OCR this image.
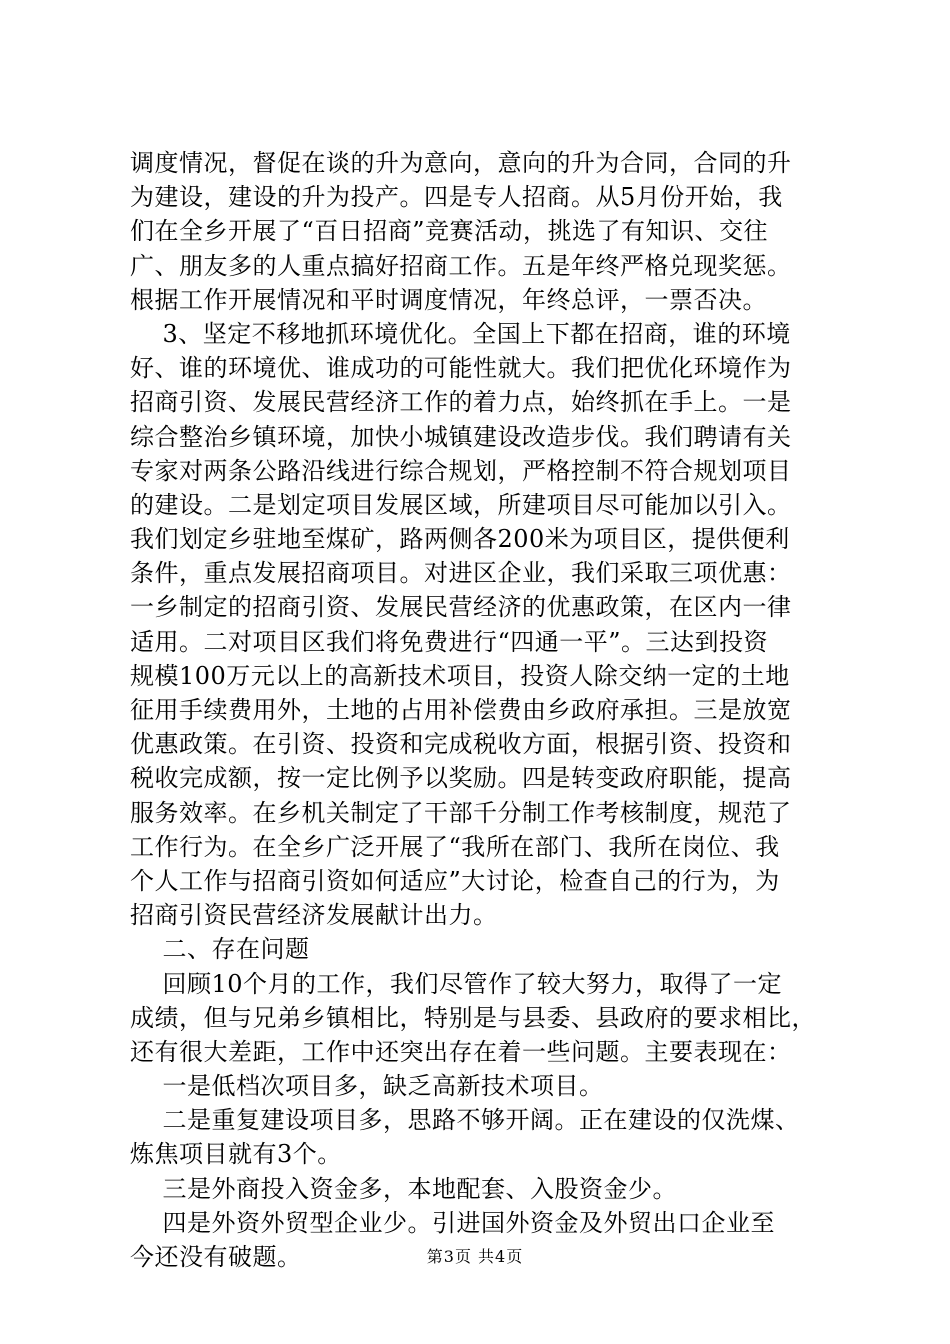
调度情况，督促在谈的升为意向，意向的升为合同，合同的升
为建设，建设的升为投产。四是专人招商。从5月份开始，我
们在全乡开展了“百日招商”竞赛活动，挑选了有知识、交往
广、朋友多的人重点搞好招商工作。五是年终严格兑现奖惩。
根据工作开展情况和平时调度情况，年终总评，一票否决。
3、坚定不移地抓环境优化。全国上下都在招商，谁的环境
好、谁的环境优、谁成功的可能性就大。我们把优化环境作为
招商引资、发展民营经济工作的着力点，始终抓在手上。一是
综合整治乡镇环境，加快小城镇建设改造步伐。我们聘请有关
专家对两条公路沿线进行综合规划，严格控制不符合规划项目
的建设。二是划定项目发展区域，所建项目尽可能加以引入。
我们划定乡驻地至煤矿，路两侧各200米为项目区，提供便利
条件，重点发展招商项目。对进区企业，我们采取三项优惠：
一乡制定的招商引资、发展民营经济的优惠政策，在区内一律
适用。二对项目区我们将免费进行“四通一平”。三达到投资
规模100万元以上的高新技术项目，投资人除交纳一定的土地
征用手续费用外，土地的占用补偿费由乡政府承担。三是放宽
优惠政策。在引资、投资和完成税收方面，根据引资、投资和
税收完成额，按一定比例予以奖励。四是转变政府职能，提高
服务效率。在乡机关制定了干部千分制工作考核制度，规范了
工作行为。在全乡广泛开展了“我所在部门、我所在岗位、我
个人工作与招商引资如何适应”大讨论，检查自己的行为，为
招商引资民营经济发展献计出力。
二、存在问题
回顾10个月的工作，我们尽管作了较大努力，取得了一定
成绩，但与兄弟乡镇相比，特别是与县委、县政府的要求相比，
还有很大差距，工作中还突出存在着一些问题。主要表现在：
一是低档次项目多，缺乏高新技术项目。
二是重复建设项目多，思路不够开阔。正在建设的仅洗煤、
炼焦项目就有3个。
三是外商投入资金多，本地配套、入股资金少。
四是外资外贸型企业少。引进国外资金及外贸出口企业至
今还没有破题。	第3页 共4页
